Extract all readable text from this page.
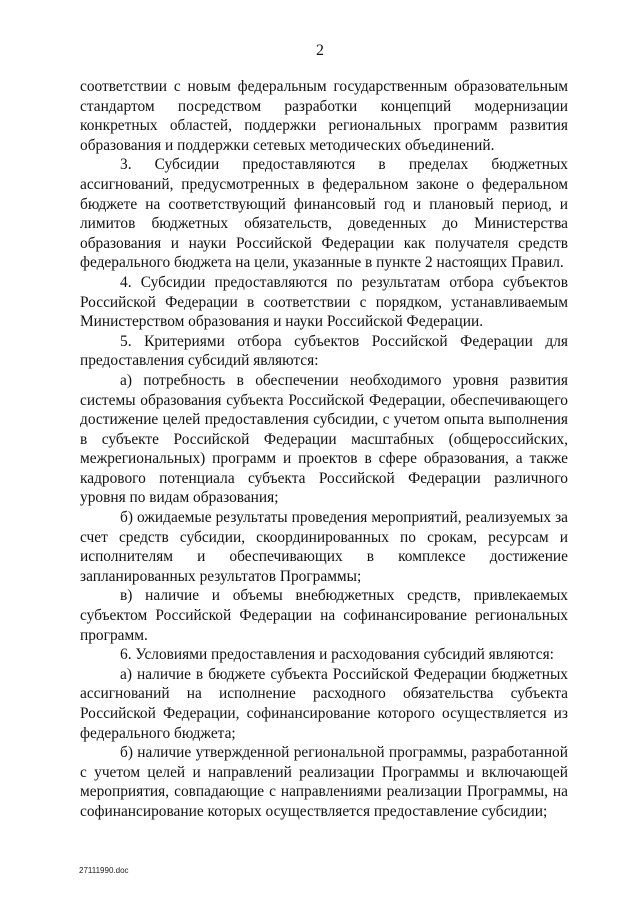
2

соответствии с новым федеральным государственным образовательным стандартом посредством разработки концепций модернизации конкретных областей, поддержки региональных программ развития образования и поддержки сетевых методических объединений.

3. Субсидии предоставляются в пределах бюджетных ассигнований, предусмотренных в федеральном законе о федеральном бюджете на соответствующий финансовый год и плановый период, и лимитов бюджетных обязательств, доведенных до Министерства образования и науки Российской Федерации как получателя средств федерального бюджета на цели, указанные в пункте 2 настоящих Правил.

4. Субсидии предоставляются по результатам отбора субъектов Российской Федерации в соответствии с порядком, устанавливаемым Министерством образования и науки Российской Федерации.

5. Критериями отбора субъектов Российской Федерации для предоставления субсидий являются:

а) потребность в обеспечении необходимого уровня развития системы образования субъекта Российской Федерации, обеспечивающего достижение целей предоставления субсидии, с учетом опыта выполнения в субъекте Российской Федерации масштабных (общероссийских, межрегиональных) программ и проектов в сфере образования, а также кадрового потенциала субъекта Российской Федерации различного уровня по видам образования;

б) ожидаемые результаты проведения мероприятий, реализуемых за счет средств субсидии, скоординированных по срокам, ресурсам и исполнителям и обеспечивающих в комплексе достижение запланированных результатов Программы;

в) наличие и объемы внебюджетных средств, привлекаемых субъектом Российской Федерации на софинансирование региональных программ.

6. Условиями предоставления и расходования субсидий являются:

а) наличие в бюджете субъекта Российской Федерации бюджетных ассигнований на исполнение расходного обязательства субъекта Российской Федерации, софинансирование которого осуществляется из федерального бюджета;

б) наличие утвержденной региональной программы, разработанной с учетом целей и направлений реализации Программы и включающей мероприятия, совпадающие с направлениями реализации Программы, на софинансирование которых осуществляется предоставление субсидии;

27111990.doc
